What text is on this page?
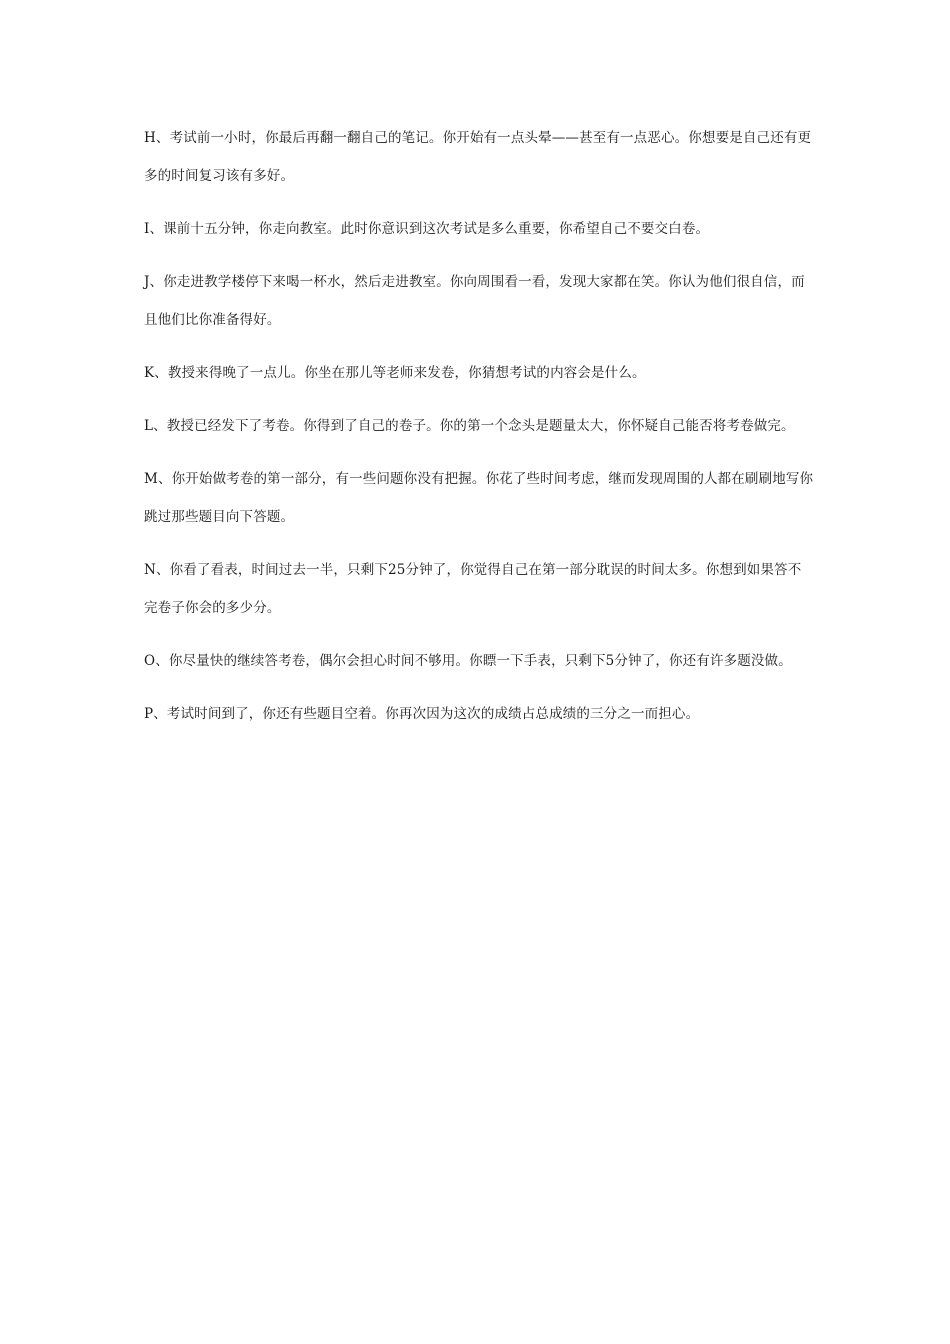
H、考试前一小时，你最后再翻一翻自己的笔记。你开始有一点头晕——甚至有一点恶心。你想要是自己还有更多的时间复习该有多好。

I、课前十五分钟，你走向教室。此时你意识到这次考试是多么重要，你希望自己不要交白卷。

J、你走进教学楼停下来喝一杯水，然后走进教室。你向周围看一看，发现大家都在笑。你认为他们很自信，而且他们比你准备得好。

K、教授来得晚了一点儿。你坐在那儿等老师来发卷，你猜想考试的内容会是什么。

L、教授已经发下了考卷。你得到了自己的卷子。你的第一个念头是题量太大，你怀疑自己能否将考卷做完。

M、你开始做考卷的第一部分，有一些问题你没有把握。你花了些时间考虑，继而发现周围的人都在刷刷地写你跳过那些题目向下答题。

N、你看了看表，时间过去一半，只剩下25分钟了，你觉得自己在第一部分耽误的时间太多。你想到如果答不完卷子你会的多少分。

O、你尽量快的继续答考卷，偶尔会担心时间不够用。你瞟一下手表，只剩下5分钟了，你还有许多题没做。

P、考试时间到了，你还有些题目空着。你再次因为这次的成绩占总成绩的三分之一而担心。
